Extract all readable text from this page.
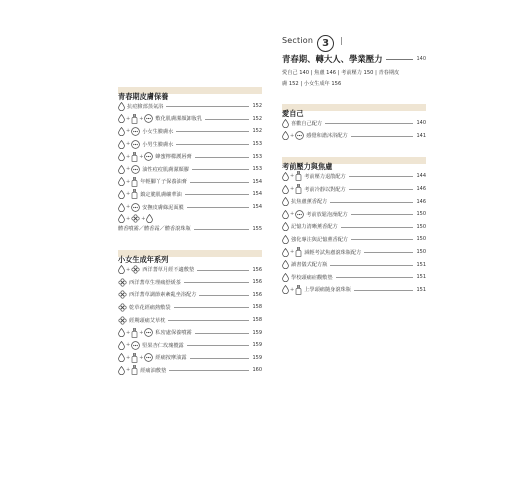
Section 3	|
青春期、轉大人、學業壓力	140
愛自己 140 | 焦慮 146 | 考前壓力 150 | 青春期皮
膚 152 | 小女生成年 156
愛自己
喜歡自己配方	140
+ 感覺和諧沐浴配方	141
考前壓力與焦慮
+ 考前壓力退散配方	144
+ 考前冷靜以對配方	146
抗焦慮薰香配方	146
+ 考前放鬆泡澡配方	150
記憶力清晰薰香配方	150
強化專注與記憶薰香配方	150
+ 減輕考試焦慮滾珠瓶配方	150
讀書儀式配方瓶	151
學校頭痛症觀敷墊	151
+ 上學頭痛隨身滾珠瓶	151
青春期皮膚保養
抗痘臉部蒸氣浴	152
+ + 敷化肌膚潔顏卸妝乳	152
+ 小女生臉膚水	152
+ 小男生臉膚水	153
+ + 蜂蜜檸檬護唇膏	153
+ 油性痘痘肌膚潔顏膠	153
+ 年輕腳丫子保養油膏	154
+ 鎮定脆肌膚礦華油	154
+ 安撫皮膚綠泥面膜	154
+ +
體香噴霧／體香霜／體香滾珠瓶	155
小女生成年系列
+ 西洋蓍草月經不適敷墊	156
西洋蓍草生理痛舒緩茶	156
西洋蓍草調節素紊亂坐浴配方	156
乾草花經痛熱敷袋	158
經期頭痛艾草枕	158
+ + 私密處保養噴霧	159
+ 堅果杏仁玫瑰攪露	159
+ + 經痛按摩油露	159
+ 經痛油敷墊	160
